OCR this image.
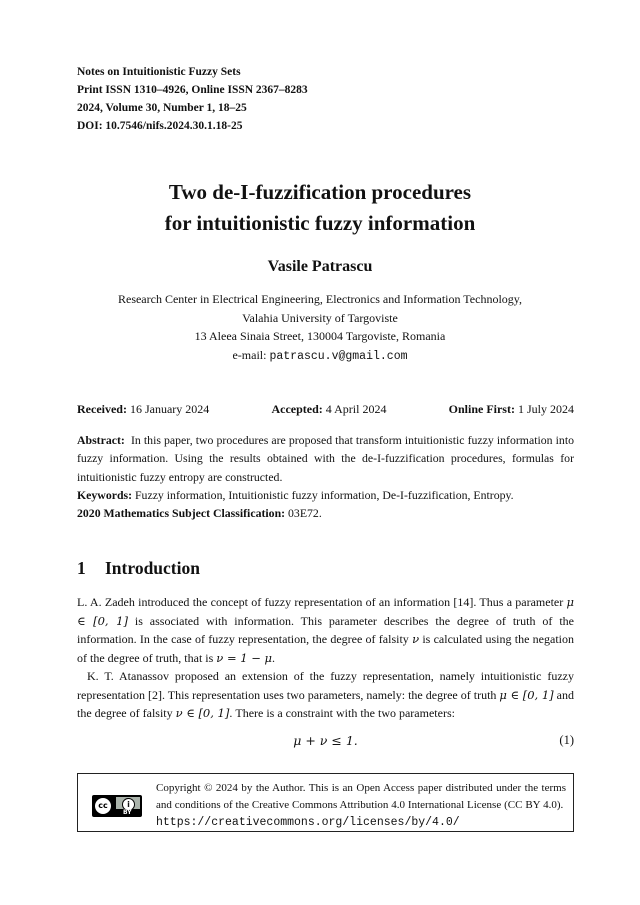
Notes on Intuitionistic Fuzzy Sets
Print ISSN 1310–4926, Online ISSN 2367–8283
2024, Volume 30, Number 1, 18–25
DOI: 10.7546/nifs.2024.30.1.18-25
Two de-I-fuzzification procedures
for intuitionistic fuzzy information
Vasile Patrascu
Research Center in Electrical Engineering, Electronics and Information Technology,
Valahia University of Targoviste
13 Aleea Sinaia Street, 130004 Targoviste, Romania
e-mail: patrascu.v@gmail.com
Received: 16 January 2024	Accepted: 4 April 2024	Online First: 1 July 2024

Abstract: In this paper, two procedures are proposed that transform intuitionistic fuzzy information into fuzzy information. Using the results obtained with the de-I-fuzzification procedures, formulas for intuitionistic fuzzy entropy are constructed.

Keywords: Fuzzy information, Intuitionistic fuzzy information, De-I-fuzzification, Entropy.

2020 Mathematics Subject Classification: 03E72.

1 Introduction

L. A. Zadeh introduced the concept of fuzzy representation of an information [14]. Thus a parameter μ ∈ [0, 1] is associated with information. This parameter describes the degree of truth of the information. In the case of fuzzy representation, the degree of falsity ν is calculated using the negation of the degree of truth, that is ν = 1 − μ.

K. T. Atanassov proposed an extension of the fuzzy representation, namely intuitionistic fuzzy representation [2]. This representation uses two parameters, namely: the degree of truth μ ∈ [0, 1] and the degree of falsity ν ∈ [0, 1]. There is a constraint with the two parameters:

μ + ν ≤ 1.	(1)
cc	i
BY
Copyright © 2024 by the Author. This is an Open Access paper distributed under the terms and conditions of the Creative Commons Attribution 4.0 International License (CC BY 4.0).  https://creativecommons.org/licenses/by/4.0/
